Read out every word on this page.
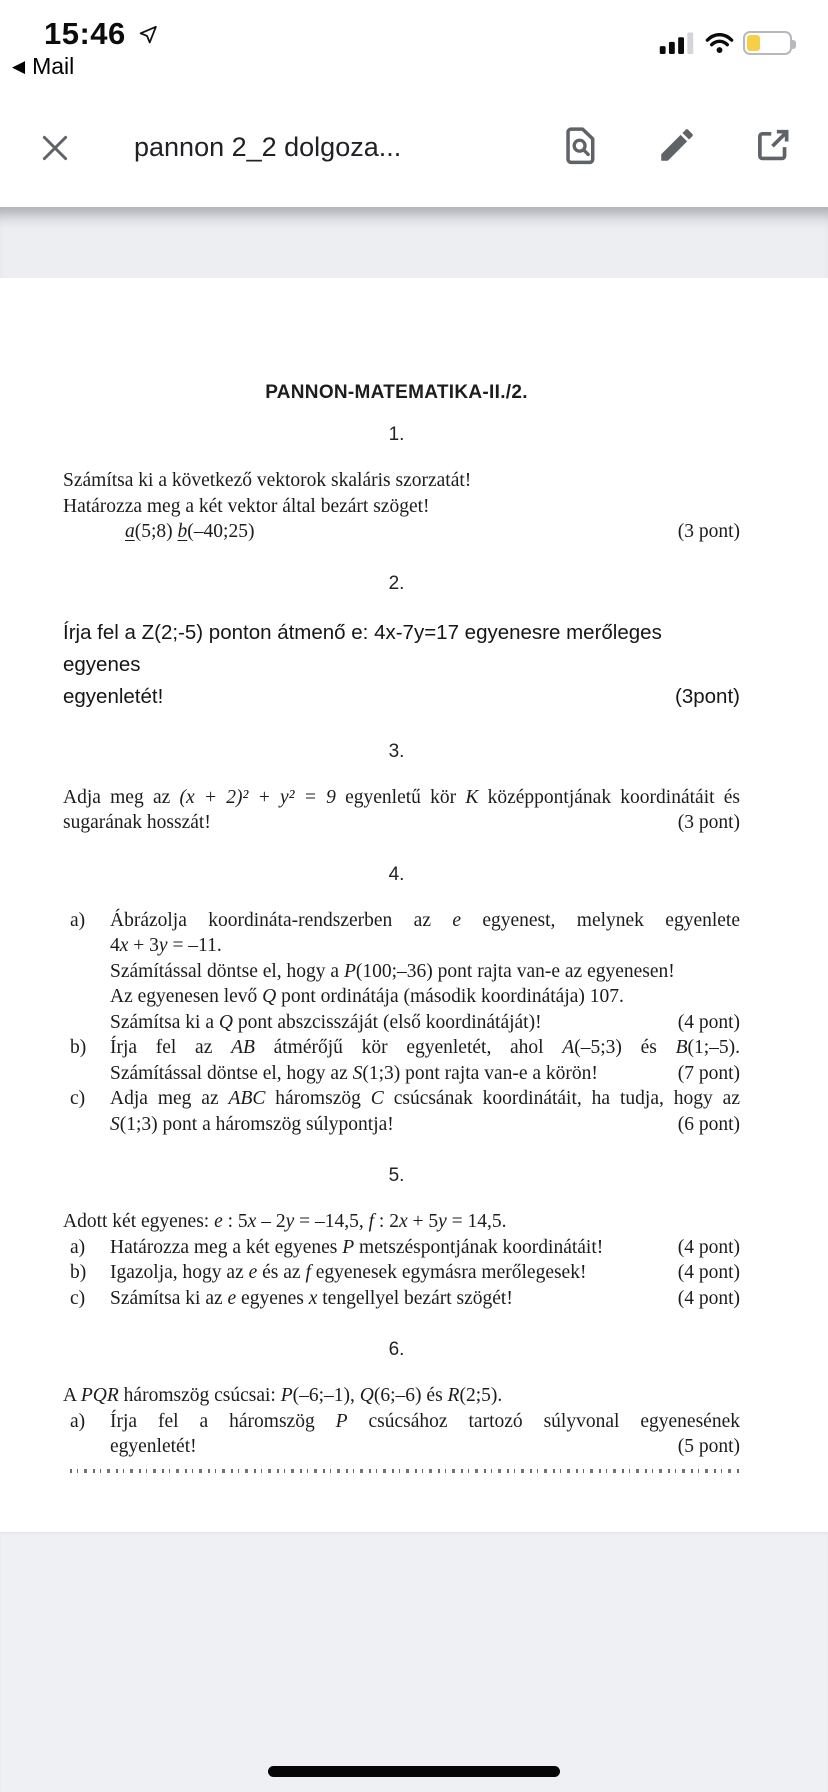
15:46
◀ Mail
pannon 2_2 dolgoza...
PANNON-MATEMATIKA-II./2.
1.
Számítsa ki a következő vektorok skaláris szorzatát!
Határozza meg a két vektor által bezárt szöget!
a(5;8) b(–40;25)	(3 pont)
2.
Írja fel a Z(2;-5) ponton átmenő e: 4x-7y=17 egyenesre merőleges egyenes
egyenletét!	(3pont)
3.
Adja meg az (x + 2)² + y² = 9 egyenletű kör K középpontjának koordinátáit és
sugarának hosszát!	(3 pont)
4.
a)	Ábrázolja koordináta-rendszerben az e egyenest, melynek egyenlete
4x + 3y = –11.
Számítással döntse el, hogy a P(100;–36) pont rajta van-e az egyenesen!
Az egyenesen levő Q pont ordinátája (második koordinátája) 107.
Számítsa ki a Q pont abszcisszáját (első koordinátáját)!	(4 pont)
b)	Írja fel az AB átmérőjű kör egyenletét, ahol A(–5;3) és B(1;–5).
Számítással döntse el, hogy az S(1;3) pont rajta van-e a körön!	(7 pont)
c)	Adja meg az ABC háromszög C csúcsának koordinátáit, ha tudja, hogy az
S(1;3) pont a háromszög súlypontja!	(6 pont)
5.
Adott két egyenes: e : 5x – 2y = –14,5, f : 2x + 5y = 14,5.
a)	Határozza meg a két egyenes P metszéspontjának koordinátáit!	(4 pont)
b)	Igazolja, hogy az e és az f egyenesek egymásra merőlegesek!	(4 pont)
c)	Számítsa ki az e egyenes x tengellyel bezárt szögét!	(4 pont)
6.
A PQR háromszög csúcsai: P(–6;–1), Q(6;–6) és R(2;5).
a)	Írja fel a háromszög P csúcsához tartozó súlyvonal egyenesének
egyenletét!	(5 pont)
